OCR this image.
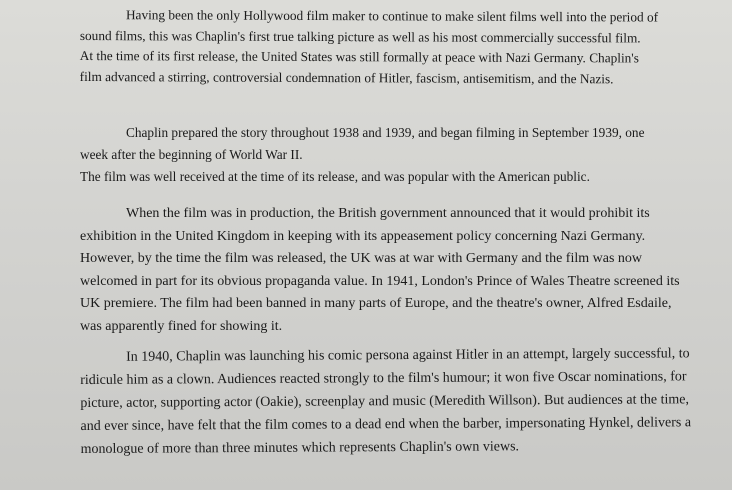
Having been the only Hollywood film maker to continue to make silent films well into the period of
sound films, this was Chaplin's first true talking picture as well as his most commercially successful film.
At the time of its first release, the United States was still formally at peace with Nazi Germany. Chaplin's
film advanced a stirring, controversial condemnation of Hitler, fascism, antisemitism, and the Nazis.

Chaplin prepared the story throughout 1938 and 1939, and began filming in September 1939, one
week after the beginning of World War II.
The film was well received at the time of its release, and was popular with the American public.

When the film was in production, the British government announced that it would prohibit its
exhibition in the United Kingdom in keeping with its appeasement policy concerning Nazi Germany.
However, by the time the film was released, the UK was at war with Germany and the film was now
welcomed in part for its obvious propaganda value. In 1941, London's Prince of Wales Theatre screened its
UK premiere. The film had been banned in many parts of Europe, and the theatre's owner, Alfred Esdaile,
was apparently fined for showing it.

In 1940, Chaplin was launching his comic persona against Hitler in an attempt, largely successful, to
ridicule him as a clown. Audiences reacted strongly to the film's humour; it won five Oscar nominations, for
picture, actor, supporting actor (Oakie), screenplay and music (Meredith Willson). But audiences at the time,
and ever since, have felt that the film comes to a dead end when the barber, impersonating Hynkel, delivers a
monologue of more than three minutes which represents Chaplin's own views.
